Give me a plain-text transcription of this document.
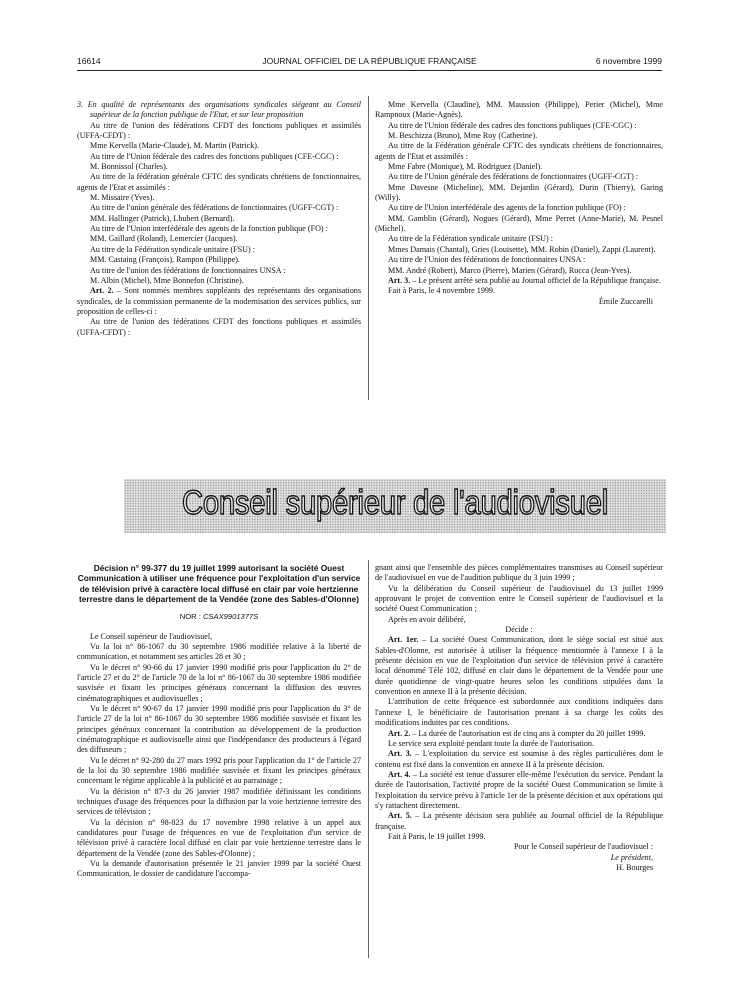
16614	JOURNAL OFFICIEL DE LA RÉPUBLIQUE FRANÇAISE	6 novembre 1999

3. En qualité de représentants des organisations syndicales siégeant au Conseil supérieur de la fonction publique de l'Etat, et sur leur proposition

Au titre de l'union des fédérations CFDT des fonctions publiques et assimilés (UFFA-CFDT) :

Mme Kervella (Marie-Claude), M. Martin (Patrick).

Au titre de l'Union fédérale des cadres des fonctions publiques (CFE-CGC) :

M. Bonnissol (Charles).

Au titre de la fédération générale CFTC des syndicats chrétiens de fonctionnaires, agents de l'Etat et assimilés :

M. Missaire (Yves).

Au titre de l'union générale des fédérations de fonctionnaires (UGFF-CGT) :

MM. Hallinger (Patrick), Lhubert (Bernard).

Au titre de l'Union interfédérale des agents de la fonction publique (FO) :

MM. Gaillard (Roland), Lemercier (Jacques).

Au titre de la Fédération syndicale unitaire (FSU) :

MM. Castaing (François), Rampon (Philippe).

Au titre de l'union des fédérations de fonctionnaires UNSA :

M. Albin (Michel), Mme Bonnefon (Christine).

Art. 2. – Sont nommés membres suppléants des représentants des organisations syndicales, de la commission permanente de la modernisation des services publics, sur proposition de celles-ci :

Au titre de l'union des fédérations CFDT des fonctions publiques et assimilés (UFFA-CFDT) :

Mme Kervella (Claudine), MM. Maussion (Philippe), Perier (Michel), Mme Rampnoux (Marie-Agnès).

Au titre de l'Union fédérale des cadres des fonctions publiques (CFE-CGC) :

M. Beschizza (Bruno), Mme Roy (Catherine).

Au titre de la Fédération générale CFTC des syndicats chrétiens de fonctionnaires, agents de l'Etat et assimilés :

Mme Fabre (Monique), M. Rodriguez (Daniel).

Au titre de l'Union générale des fédérations de fonctionnaires (UGFF-CGT) :

Mme Davesne (Micheline), MM. Dejardin (Gérard), Durin (Thierry), Garing (Willy).

Au titre de l'Union interfédérale des agents de la fonction publique (FO) :

MM. Gamblin (Gérard), Nogues (Gérard), Mme Perret (Anne-Marie), M. Pesnel (Michel).

Au titre de la Fédération syndicale unitaire (FSU) :

Mmes Damais (Chantal), Gries (Louisette), MM. Robin (Daniel), Zappi (Laurent).

Au titre de l'Union des fédérations de fonctionnaires UNSA :

MM. André (Robert), Marco (Pierre), Marien (Gérard), Rocca (Jean-Yves).

Art. 3. – Le présent arrêté sera publié au Journal officiel de la République française.

Fait à Paris, le 4 novembre 1999.

Émile Zuccarelli

Conseil supérieur de l'audiovisuel
Décision n° 99-377 du 19 juillet 1999 autorisant la société Ouest Communication à utiliser une fréquence pour l'exploitation d'un service de télévision privé à caractère local diffusé en clair par voie hertzienne terrestre dans le département de la Vendée (zone des Sables-d'Olonne)
NOR : CSAX9901377S

Le Conseil supérieur de l'audiovisuel,

Vu la loi n° 86-1067 du 30 septembre 1986 modifiée relative à la liberté de communication, et notamment ses articles 28 et 30 ;

Vu le décret n° 90-66 du 17 janvier 1990 modifié pris pour l'application du 2° de l'article 27 et du 2° de l'article 70 de la loi n° 86-1067 du 30 septembre 1986 modifiée susvisée et fixant les principes généraux concernant la diffusion des œuvres cinématographiques et audiovisuelles ;

Vu le décret n° 90-67 du 17 janvier 1990 modifié pris pour l'application du 3° de l'article 27 de la loi n° 86-1067 du 30 septembre 1986 modifiée susvisée et fixant les principes généraux concernant la contribution au développement de la production cinématographique et audiovisuelle ainsi que l'indépendance des producteurs à l'égard des diffuseurs ;

Vu le décret n° 92-280 du 27 mars 1992 pris pour l'application du 1° de l'article 27 de la loi du 30 septembre 1986 modifiée susvisée et fixant les principes généraux concernant le régime applicable à la publicité et au parrainage ;

Vu la décision n° 87-3 du 26 janvier 1987 modifiée définissant les conditions techniques d'usage des fréquences pour la diffusion par la voie hertzienne terrestre des services de télévision ;

Vu la décision n° 98-823 du 17 novembre 1998 relative à un appel aux candidatures pour l'usage de fréquences en vue de l'exploitation d'un service de télévision privé à caractère local diffusé en clair par voie hertzienne terrestre dans le département de la Vendée (zone des Sables-d'Olonne) ;

Vu la demande d'autorisation présentée le 21 janvier 1999 par la société Ouest Communication, le dossier de candidature l'accompa-

gnant ainsi que l'ensemble des pièces complémentaires transmises au Conseil supérieur de l'audiovisuel en vue de l'audition publique du 3 juin 1999 ;

Vu la délibération du Conseil supérieur de l'audiovisuel du 13 juillet 1999 approuvant le projet de convention entre le Conseil supérieur de l'audiovisuel et la société Ouest Communication ;

Après en avoir délibéré,

Décide :

Art. 1er. – La société Ouest Communication, dont le siège social est situé aux Sables-d'Olonne, est autorisée à utiliser la fréquence mentionnée à l'annexe I à la présente décision en vue de l'exploitation d'un service de télévision privé à caractère local dénommé Télé 102, diffusé en clair dans le département de la Vendée pour une durée quotidienne de vingt-quatre heures selon les conditions stipulées dans la convention en annexe II à la présente décision.

L'attribution de cette fréquence est subordonnée aux conditions indiquées dans l'annexe I, le bénéficiaire de l'autorisation prenant à sa charge les coûts des modifications induites par ces conditions.

Art. 2. – La durée de l'autorisation est de cinq ans à compter du 20 juillet 1999.

Le service sera exploité pendant toute la durée de l'autorisation.

Art. 3. – L'exploitation du service est soumise à des règles particulières dont le contenu est fixé dans la convention en annexe II à la présente décision.

Art. 4. – La société est tenue d'assurer elle-même l'exécution du service. Pendant la durée de l'autorisation, l'activité propre de la société Ouest Communication se limite à l'exploitation du service prévu à l'article 1er de la présente décision et aux opérations qui s'y rattachent directement.

Art. 5. – La présente décision sera publiée au Journal officiel de la République française.

Fait à Paris, le 19 juillet 1999.

Pour le Conseil supérieur de l'audiovisuel :

Le président,

H. Bourges
